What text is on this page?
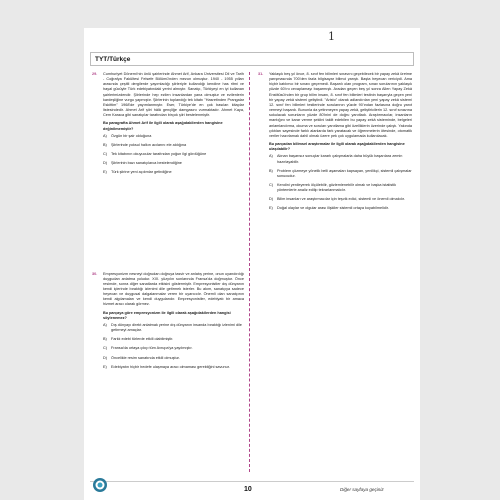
1
TYT/Türkçe
29. Cumhuriyet Dönemi'nin ünlü şairlerinde Ahmet Arif, Ankara Üniversitesi Dil ve Tarih - Coğrafya Fakültesi Felsefe Bölümü'nden mezun olmuştur. 1940 - 1955 yılları arasında çeşitli dergilerde yayımladığı şiirleriyle kullandığı kendine has ritmi ve hayal gücüyle Türk edebiyatındaki yerini almıştır. Sanatçı, Türkiyeyi en iyi kullanan şairlerimizdendir. Şiirlerinde hep ezilen insanlardan yana olmuştur ve ezilenlerin kardeşliğine vurgu yapmıştır. Şiirlerinin toplandığı tek kitabı "Hasretinden Prangalar Eskittim" 1968'de yayımlanmıştır. Eser, Türkiye'de en çok basılan kitaplar listesindedir. Ahmet Arif şiiri hâlâ gençliğe damgasını vurmaktadır. Ahmet Kaya, Cem Karaca gibi sanatçılar tarafından birçok şiiri bestelenmiştir.

Bu paragrafta Ahmet Arif ile ilgili olarak aşağıdakilerden hangisine değinilmemiştir?

A)	Özgün bir şair olduğuna
B)	Şiirlerinde yoksul halkın acılarını ele aldığına
C)	Tek kitabının okuyucular tarafından yoğun ilgi gördüğüne
D)	Şiirlerinin bazı sanatçılarca bestelendiğine
E)	Türk şiirine yeni açılımlar getirdiğine
30. Empresyonizm nesneyi doğrudan doğruya tasvir ve anlatış yerine, onun uyandırdığı duygudan anlatma yoludur. XIX. yüzyılın sonlarında Fransa'da doğmuştur. Önce resimde, sonra diğer sanatlarda etkisini göstermiştir. Empresyonistler dış dünyanın kendi içlerinde bıraktığı izlenimi dile getirmek isterler. Bu akım, sanatçıya sadece heyecan ve duygusal dalgalanmalar veren bir uyarıcıdır. Önemli olan sanatçının kendi algılamaları ve kendi duygularıdır. Empresyonistler, edebiyatı bir amaca hizmet aracı olarak görmez.

Bu parçaya göre empresyonizm ile ilgili olarak aşağıdakilerden hangisi söylenemez?

A)	Dış dünyayı direkt anlatmak yerine dış dünyanın insanda bıraktığı izlenimi dile getirmeyi amaçlar.
B)	Farklı edebi türlerde etkili olabilmiştir.
C)	Fransa'da ortaya çıkıp tüm Avrupa'ya yayılmıştır.
D)	Öncelikle resim sanatında etkili olmuştur.
E)	Edebiyatın hiçbir hedefe ulaşmaya aracı olmaması gerektiğini savunur.
31. Yaklaşık beş yıl önce, 8. sınıf fen bilimleri sınavını geçebilecek bir yapay zekâ üretme yarışmasında 700'den fazla bilgisayar bilimci yarıştı. Başta heyecan vericiydi. Ama hiçbir katılımcı bir sınavı geçemedi. Başarılı olan program, sınav sorularının yaklaşık yüzde 60'ını cevaplamayı başarmıştı. Aradan geçen beş yıl sonra Allen Yapay Zekâ Enstitüsü'nden bir grup bilim insanı, 8. sınıf fen bilimleri testinin başarıyla geçen yeni bir yapay zekâ sistemi geliştirdi. "Aristo" olarak adlandırılan yeni yapay zekâ sistemi 12. sınıf fen bilimleri testlerinde sorularının yüzde 90'ından fazlasına doğru yanıt vermeyi başardı. Bununla da yetinmeyen yapay zekâ, geliştiricilerin 12. sınıf sınavına sokulacak sorunların yüzde 80'inini de doğru yanıtladı. Araştırmacılar, insanların mantığını ve karar verme şeklini taklit edebilen bu yapay zekâ sisteminde, belgeleri anlamlandırma, okuma ve soruları yanıtlama gibi özelliklerin üzerinde çalıştı. Yakında çıktıları sayesinde farklı alanlarda fark yaratacak ve öğrenmelerin ötesinde, otomatik veriler hazırlamak dahil olmak üzere pek çok uygulamada kullanılacak.

Bu parçadan bilimsel araştırmalar ile ilgili olarak aşağıdakilerden hangisine ulaşılabilir?

A)	Alınan başarısız sonuçlar kararlı çalışmalarla daha büyük başarılara zemin hazırlayabilir.
B)	Problem çözmeye yönelik belli aşamaları kapsayan, yenilikçi, sistemli çalışmalar sonucudur.
C)	Kendini yenileyerek ölçülebilir, gözlemlenebilir olmalı ve başka istatistik yöntemlerle analiz edilip tekrarlanmalıdır.
D)	Bilim insanları ve araştırmacılar için teşvik edici, sistemli ve önemli olmalıdır.
E)	Doğal olaylar ve olgular arası ilişkiler sistemli ortaya koyabilmelidir.
10	Diğer sayfaya geçiniz
